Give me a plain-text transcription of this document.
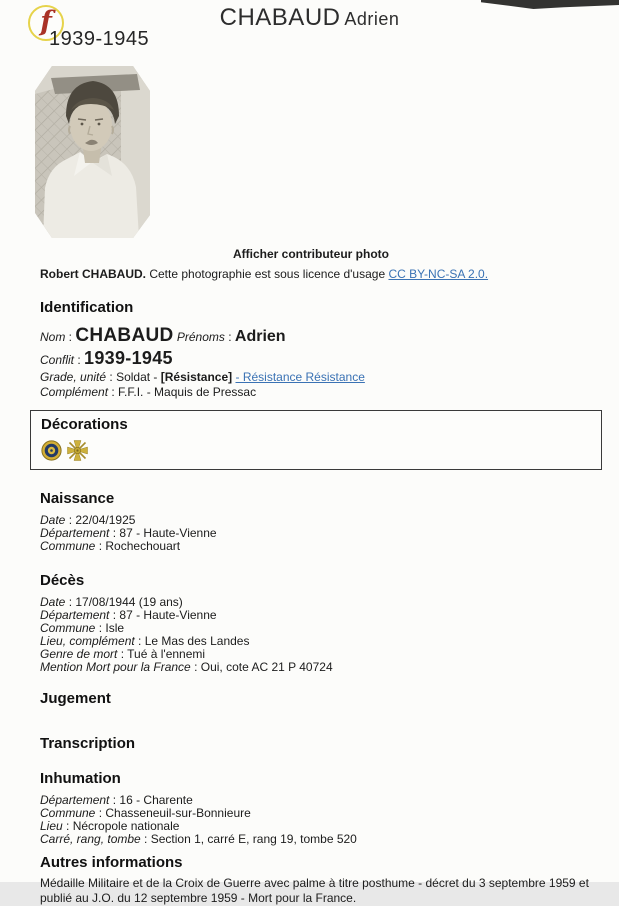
CHABAUD Adrien
f
1939-1945
Afficher contributeur photo
Robert CHABAUD. Cette photographie est sous licence d'usage CC BY-NC-SA 2.0.
Identification
Nom : CHABAUD Prénoms : Adrien
Conflit : 1939-1945
Grade, unité : Soldat - [Résistance] - Résistance Résistance
Complément : F.F.I. - Maquis de Pressac
Décorations
Naissance
Date : 22/04/1925
Département : 87 - Haute-Vienne
Commune : Rochechouart
Décès
Date : 17/08/1944 (19 ans)
Département : 87 - Haute-Vienne
Commune : Isle
Lieu, complément : Le Mas des Landes
Genre de mort : Tué à l'ennemi
Mention Mort pour la France : Oui, cote AC 21 P 40724
Jugement
Transcription
Inhumation
Département : 16 - Charente
Commune : Chasseneuil-sur-Bonnieure
Lieu : Nécropole nationale
Carré, rang, tombe : Section 1, carré E, rang 19, tombe 520
Autres informations

Médaille Militaire et de la Croix de Guerre avec palme à titre posthume - décret du 3 septembre 1959 et publié au J.O. du 12 septembre 1959 - Mort pour la France.
